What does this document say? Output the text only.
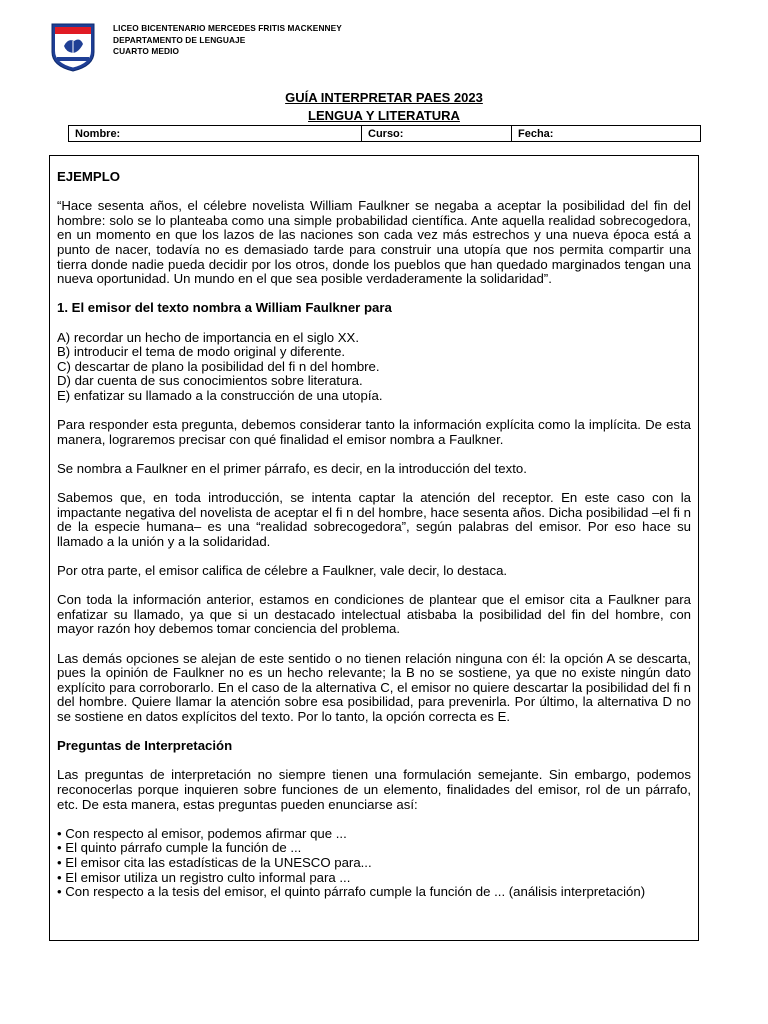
LICEO BICENTENARIO MERCEDES FRITIS MACKENNEY
DEPARTAMENTO DE LENGUAJE
CUARTO MEDIO
GUÍA INTERPRETAR PAES 2023
LENGUA Y LITERATURA
Nombre:	Curso:	Fecha:

EJEMPLO

“Hace sesenta años, el célebre novelista William Faulkner se negaba a aceptar la posibilidad del fin del hombre: solo se lo planteaba como una simple probabilidad científica. Ante aquella realidad sobrecogedora, en un momento en que los lazos de las naciones son cada vez más estrechos y una nueva época está a punto de nacer, todavía no es demasiado tarde para construir una utopía que nos permita compartir una tierra donde nadie pueda decidir por los otros, donde los pueblos que han quedado marginados tengan una nueva oportunidad. Un mundo en el que sea posible verdaderamente la solidaridad”.

1. El emisor del texto nombra a William Faulkner para

A) recordar un hecho de importancia en el siglo XX.
B) introducir el tema de modo original y diferente.
C) descartar de plano la posibilidad del fi n del hombre.
D) dar cuenta de sus conocimientos sobre literatura.
E) enfatizar su llamado a la construcción de una utopía.

Para responder esta pregunta, debemos considerar tanto la información explícita como la implícita. De esta manera, lograremos precisar con qué finalidad el emisor nombra a Faulkner.

Se nombra a Faulkner en el primer párrafo, es decir, en la introducción del texto.

Sabemos que, en toda introducción, se intenta captar la atención del receptor. En este caso con la impactante negativa del novelista de aceptar el fi n del hombre, hace sesenta años. Dicha posibilidad –el fi n de la especie humana– es una “realidad sobrecogedora”, según palabras del emisor. Por eso hace su llamado a la unión y a la solidaridad.

Por otra parte, el emisor califica de célebre a Faulkner, vale decir, lo destaca.

Con toda la información anterior, estamos en condiciones de plantear que el emisor cita a Faulkner para enfatizar su llamado, ya que si un destacado intelectual atisbaba la posibilidad del fin del hombre, con mayor razón hoy debemos tomar conciencia del problema.

Las demás opciones se alejan de este sentido o no tienen relación ninguna con él: la opción A se descarta, pues la opinión de Faulkner no es un hecho relevante; la B no se sostiene, ya que no existe ningún dato explícito para corroborarlo. En el caso de la alternativa C, el emisor no quiere descartar la posibilidad del fi n del hombre. Quiere llamar la atención sobre esa posibilidad, para prevenirla. Por último, la alternativa D no se sostiene en datos explícitos del texto. Por lo tanto, la opción correcta es E.

Preguntas de Interpretación

Las preguntas de interpretación no siempre tienen una formulación semejante. Sin embargo, podemos reconocerlas porque inquieren sobre funciones de un elemento, finalidades del emisor, rol de un párrafo, etc. De esta manera, estas preguntas pueden enunciarse así:

• Con respecto al emisor, podemos afirmar que ...
• El quinto párrafo cumple la función de ...
• El emisor cita las estadísticas de la UNESCO para...
• El emisor utiliza un registro culto informal para ...
• Con respecto a la tesis del emisor, el quinto párrafo cumple la función de ... (análisis interpretación)
